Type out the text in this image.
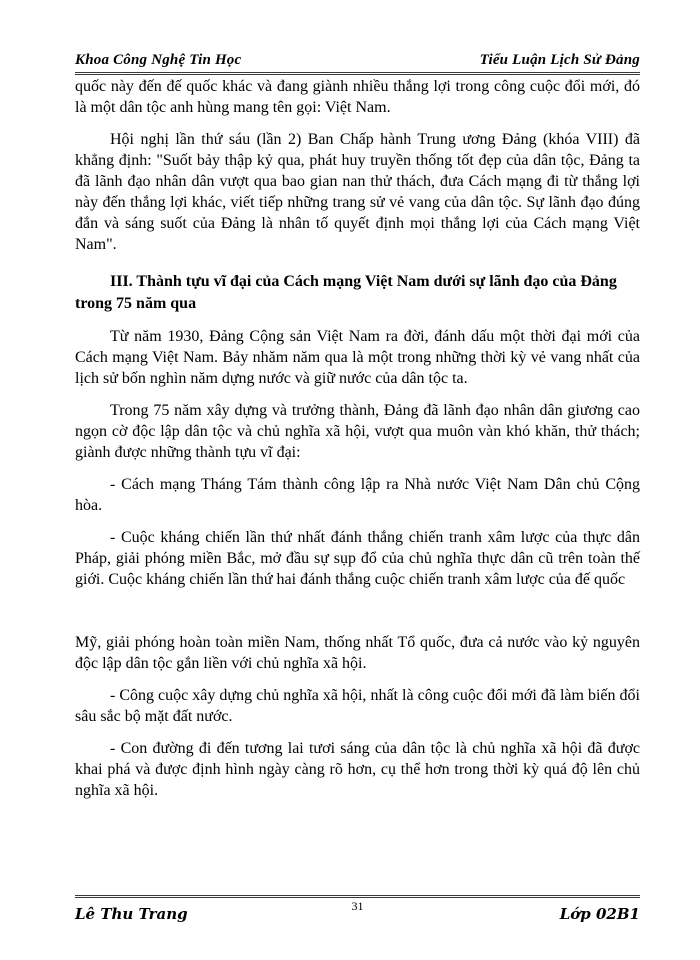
Khoa Công Nghệ Tin Học	Tiểu Luận Lịch Sử Đảng

quốc này đến đế quốc khác và đang giành nhiều thắng lợi trong công cuộc đổi mới, đó là một dân tộc anh hùng mang tên gọi: Việt Nam.

Hội nghị lần thứ sáu (lần 2) Ban Chấp hành Trung ương Đảng (khóa VIII) đã khẳng định: "Suốt bảy thập kỷ qua, phát huy truyền thống tốt đẹp của dân tộc, Đảng ta đã lãnh đạo nhân dân vượt qua bao gian nan thử thách, đưa Cách mạng đi từ thắng lợi này đến thắng lợi khác, viết tiếp những trang sử vẻ vang của dân tộc. Sự lãnh đạo đúng đắn và sáng suốt của Đảng là nhân tố quyết định mọi thắng lợi của Cách mạng Việt Nam".

III. Thành tựu vĩ đại của Cách mạng Việt Nam dưới sự lãnh đạo của Đảng trong 75 năm qua

Từ năm 1930, Đảng Cộng sản Việt Nam ra đời, đánh dấu một thời đại mới của Cách mạng Việt Nam. Bảy nhăm năm qua là một trong những thời kỳ vẻ vang nhất của lịch sử bốn nghìn năm dựng nước và giữ nước của dân tộc ta.

Trong 75 năm xây dựng và trưởng thành, Đảng đã lãnh đạo nhân dân giương cao ngọn cờ độc lập dân tộc và chủ nghĩa xã hội, vượt qua muôn vàn khó khăn, thử thách; giành được những thành tựu vĩ đại:

- Cách mạng Tháng Tám thành công lập ra Nhà nước Việt Nam Dân chủ Cộng hòa.

- Cuộc kháng chiến lần thứ nhất đánh thắng chiến tranh xâm lược của thực dân Pháp, giải phóng miền Bắc, mở đầu sự sụp đổ của chủ nghĩa thực dân cũ trên toàn thế giới. Cuộc kháng chiến lần thứ hai đánh thắng cuộc chiến tranh xâm lược của đế quốc

Mỹ, giải phóng hoàn toàn miền Nam, thống nhất Tổ quốc, đưa cả nước vào kỷ nguyên độc lập dân tộc gắn liền với chủ nghĩa xã hội.

- Công cuộc xây dựng chủ nghĩa xã hội, nhất là công cuộc đổi mới đã làm biến đổi sâu sắc bộ mặt đất nước.

- Con đường đi đến tương lai tươi sáng của dân tộc là chủ nghĩa xã hội đã được khai phá và được định hình ngày càng rõ hơn, cụ thể hơn trong thời kỳ quá độ lên chủ nghĩa xã hội.

31
Lê Thu Trang	Lớp 02B1
